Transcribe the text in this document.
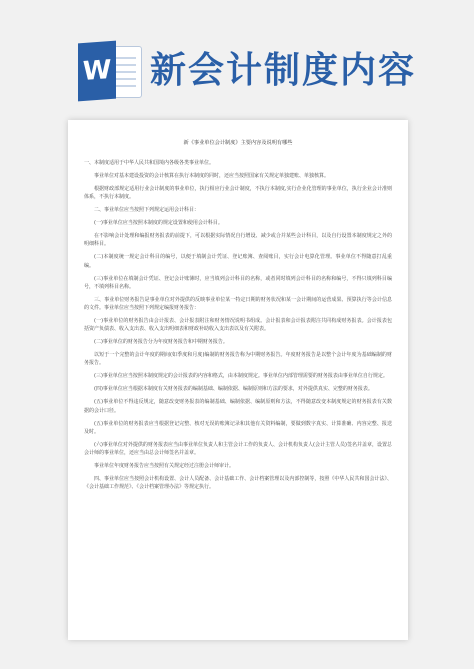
W 新会计制度内容
新《事业单位会计制度》主要内容及说明有哪些

一、本制度适用于中华人民共和国境内各级各类事业单位。

事业单位对基本建设投资的会计核算在执行本制度的同时，还应当按照国家有关规定单独建账、单独核算。

根据财政部规定适用行业会计制度的事业单位，执行相应行业会计制度，不执行本制度,实行企业化管理的事业单位，执行企业会计准则体系，不执行本制度。

二、事业单位应当按照下列规定运用会计科目：

(一)事业单位应当按照本制度的规定设置和使用会计科目。

在不影响会计处理和编报财务报表的前提下，可以根据实际情况自行增设、减少或合并某些会计科目，以及自行设置本制度规定之外的明细科目。

(二)本制度统一规定会计科目的编号，以便于填制会计凭证、登记账簿、查阅账目，实行会计电算化管理。事业单位不得随意打乱重编。

(三)事业单位在填制会计凭证、登记会计账簿时，应当填列会计科目的名称，或者同时填列会计科目的名称和编号，不得只填列科目编号，不填列科目名称。

三、事业单位财务报告是事业单位对外提供的反映事业单位某一特定日期的财务状况和某一会计期间的运营成果、预算执行等会计信息的文件。事业单位应当按照下列规定编报财务报告：

(一)事业单位的财务报告由会计报表、会计报表附注和财务情况说明书组成。会计报表和会计报表附注共同构成财务报表。会计报表包括资产负债表、收入支出表、收入支出明细表和财政补助收入支出表以及有关附表。

(二)事业单位的财务报告分为年度财务报告和中期财务报告。

以短于一个完整的会计年度的期间(如季度和月度)编制的财务报告称为中期财务报告。年度财务报告是以整个会计年度为基础编制的财务报告。

(三)事业单位应当按照本制度规定的会计报表的内容和格式，由本制度规定。事业单位内部管理需要的财务报表由事业单位自行规定。

(四)事业单位应当根据本制度有关财务报表的编制基础、编制依据、编制原则和方法的要求，对外提供真实、完整的财务报表。

(五)事业单位不得违反规定，随意改变财务报表的编制基础、编制依据、编制原则和方法，不得随意改变本制度规定的财务报表有关数据的会计口径。

(五)事业单位的财务报表应当根据登记完整、核对无误的账簿记录和其他有关资料编制，要做到数字真实、计算准确、内容完整、报送及时。

(六)事业单位对外提供的财务报表应当由事业单位负责人和主管会计工作的负责人、会计机构负责人(会计主管人员)签名并盖章，设置总会计师的事业单位，还应当由总会计师签名并盖章。

事业单位年度财务报告应当按照有关规定经过注册会计师审计。

四、事业单位应当按照会计机构设置、会计人员配备、会计基础工作、会计档案管理以及内部控制等，按照《中华人民共和国会计法》、《会计基础工作规范》、《会计档案管理办法》等规定执行。
